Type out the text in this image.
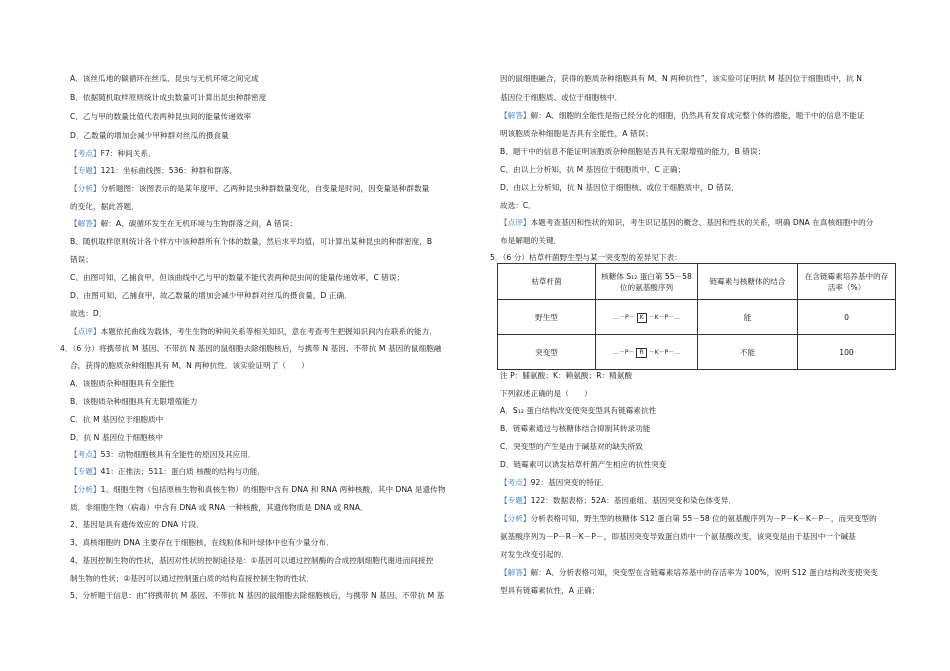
A．该丝瓜地的碳循环在丝瓜、昆虫与无机环境之间完成
B．依据随机取样原则统计成虫数量可计算出昆虫种群密度
C．乙与甲的数量比值代表两种昆虫间的能量传递效率
D．乙数量的增加会减少甲种群对丝瓜的摄食量
【考点】F7：种间关系．
【专题】121：坐标曲线图；536：种群和群落．
【分析】分析题图：该图表示的是某年度甲、乙两种昆虫种群数量变化，自变量是时间，因变量是种群数量
的变化，据此答题．
【解答】解：A、碳循环发生在无机环境与生物群落之间，A 错误；
B、随机取样原则统计各个样方中该种群所有个体的数量，然后求平均值，可计算出某种昆虫的种群密度，B
错误；
C、由图可知，乙捕食甲，但该曲线中乙与甲的数量不能代表两种昆虫间的能量传递效率，C 错误；
D、由图可知，乙捕食甲，故乙数量的增加会减少甲种群对丝瓜的摄食量，D 正确．
故选：D．
【点评】本题依托曲线为载体，考生生物的种间关系等相关知识，意在考查考生把握知识间内在联系的能力．
4．（6 分）将携带抗 M 基因、不带抗 N 基因的鼠细胞去除细胞核后，与携带 N 基因、不带抗 M 基因的鼠细胞融
合，获得的胞质杂种细胞具有 M、N 两种抗性．该实验证明了（　　）
A．该胞质杂种细胞具有全能性
B．该胞质杂种细胞具有无限增殖能力
C．抗 M 基因位于细胞质中
D．抗 N 基因位于细胞核中
【考点】53：动物细胞核具有全能性的原因及其应用．
【专题】41：正推法；511：蛋白质 核酸的结构与功能．
【分析】1、细胞生物（包括原核生物和真核生物）的细胞中含有 DNA 和 RNA 两种核酸，其中 DNA 是遗传物
质．非细胞生物（病毒）中含有 DNA 或 RNA 一种核酸，其遗传物质是 DNA 或 RNA．
2、基因是具有遗传效应的 DNA 片段．
3、真核细胞的 DNA 主要存在于细胞核，在线粒体和叶绿体中也有少量分布．
4、基因控制生物的性状，基因对性状的控制途径是：①基因可以通过控制酶的合成控制细胞代谢进而间接控
制生物的性状；②基因可以通过控制蛋白质的结构直接控制生物的性状．
5、分析题干信息：由“将携带抗 M 基因、不带抗 N 基因的鼠细胞去除细胞核后，与携带 N 基因、不带抗 M 基
因的鼠细胞融合，获得的胞质杂种细胞具有 M、N 两种抗性”，该实验可证明抗 M 基因位于细胞质中，抗 N
基因位于细胞质、或位于细胞核中．
【解答】解：A、细胞的全能性是指已经分化的细胞，仍然具有发育成完整个体的潜能，题干中的信息不能证
明该胞质杂种细胞是否具有全能性，A 错误；
B、题干中的信息不能证明该胞质杂种细胞是否具有无限增殖的能力，B 错误；
C、由以上分析知，抗 M 基因位于细胞质中，C 正确；
D、由以上分析知，抗 N 基因位于细胞核、或位于细胞质中，D 错误．
故选：C．
【点评】本题考查基因和性状的知识，考生识记基因的概念、基因和性状的关系，明确 DNA 在真核细胞中的分
布是解题的关键．
5．（6 分）枯草杆菌野生型与某一突变型的差异见下表：
注 P：脯氨酸；K：赖氨酸；R：精氨酸
下列叙述正确的是（　　）
A．S₁₂ 蛋白结构改变使突变型具有链霉素抗性
B．链霉素通过与核糖体结合抑制其转录功能
C．突变型的产生是由于碱基对的缺失所致
D．链霉素可以诱发枯草杆菌产生相应的抗性突变
【考点】92：基因突变的特征．
【专题】122：数据表格；52A：基因重组、基因突变和染色体变异．
【分析】分析表格可知，野生型的核糖体 S12 蛋白第 55－58 位的氨基酸序列为－P－K－K－P－，而突变型的
氨基酸序列为－P－R－K－P－，即基因突变导致蛋白质中一个氨基酸改变，该突变是由于基因中一个碱基
对发生改变引起的．
【解答】解：A、分析表格可知，突变型在含链霉素培养基中的存活率为 100%，说明 S12 蛋白结构改变使突变
型具有链霉素抗性，A 正确；
枯草杆菌	核糖体 S₁₂ 蛋白第 55－58 位的氨基酸序列	链霉素与核糖体的结合	在含链霉素培养基中的存活率（%）
野生型	…－P－ K －K－P－…	能	0
突变型	…－P－ R －K－P－…	不能	100
